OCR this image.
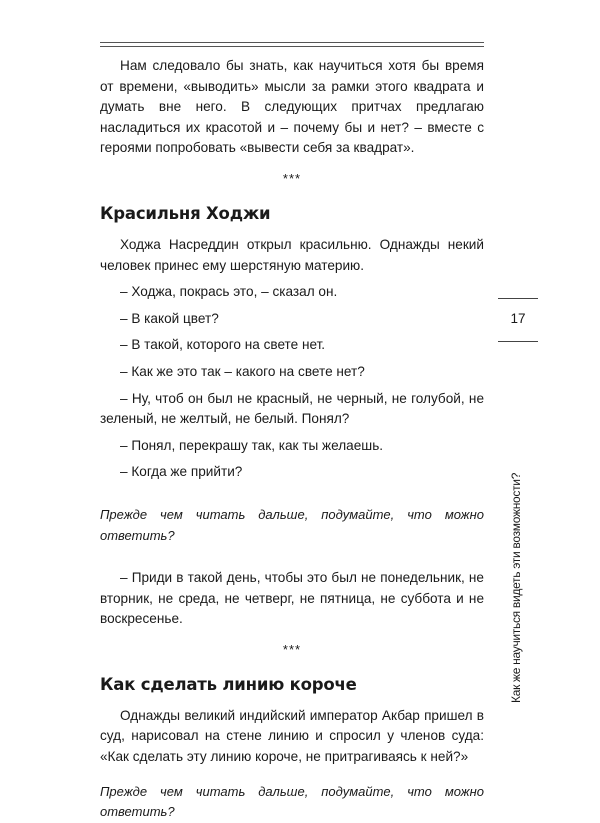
Нам следовало бы знать, как научиться хотя бы время от времени, «выводить» мысли за рамки этого квадрата и думать вне него. В следующих притчах предлагаю насладиться их красотой и – почему бы и нет? – вместе с героями попробовать «вывести себя за квадрат».

***
Красильня Ходжи

Ходжа Насреддин открыл красильню. Однажды некий человек принес ему шерстяную материю.

– Ходжа, покрась это, – сказал он.

– В какой цвет?

– В такой, которого на свете нет.

– Как же это так – какого на свете нет?

– Ну, чтоб он был не красный, не черный, не голубой, не зеленый, не желтый, не белый. Понял?

– Понял, перекрашу так, как ты желаешь.

– Когда же прийти?

Прежде чем читать дальше, подумайте, что можно ответить?

– Приди в такой день, чтобы это был не понедельник, не вторник, не среда, не четверг, не пятница, не суббота и не воскресенье.

***
Как сделать линию короче

Однажды великий индийский император Акбар пришел в суд, нарисовал на стене линию и спросил у членов суда: «Как сделать эту линию короче, не притрагиваясь к ней?»

Прежде чем читать дальше, подумайте, что можно ответить?

17
Как же научиться видеть эти возможности?
